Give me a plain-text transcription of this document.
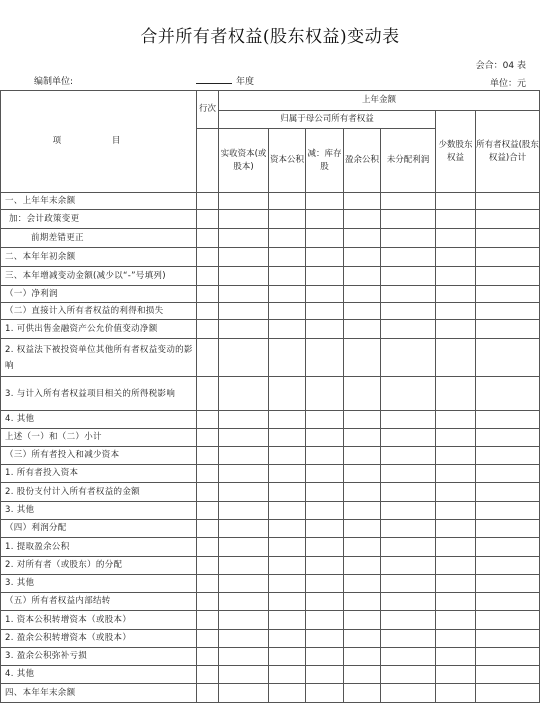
合并所有者权益(股东权益)变动表
会合：04 表
编制单位:	年度	单位：元
项 目	行次	上年金额						
		归属于母公司所有者权益					少数股东权益	所有者权益(股东权益)合计
		实收资本(或股本)	资本公积	减：库存股	盈余公积	未分配利润		
一、上年年末余额								
加：会计政策变更								
前期差错更正								
二、本年年初余额								
三、本年增减变动金额(减少以“-”号填列)								
（一）净利润								
（二）直接计入所有者权益的利得和损失								
1. 可供出售金融资产公允价值变动净额								
2. 权益法下被投资单位其他所有者权益变动的影响								
3. 与计入所有者权益项目相关的所得税影响								
4. 其他								
上述（一）和（二）小计								
（三）所有者投入和减少资本								
1. 所有者投入资本								
2. 股份支付计入所有者权益的金额								
3. 其他								
（四）利润分配								
1. 提取盈余公积								
2. 对所有者（或股东）的分配								
3. 其他								
（五）所有者权益内部结转								
1. 资本公积转增资本（或股本）								
2. 盈余公积转增资本（或股本）								
3. 盈余公积弥补亏损								
4. 其他								
四、本年年末余额								
